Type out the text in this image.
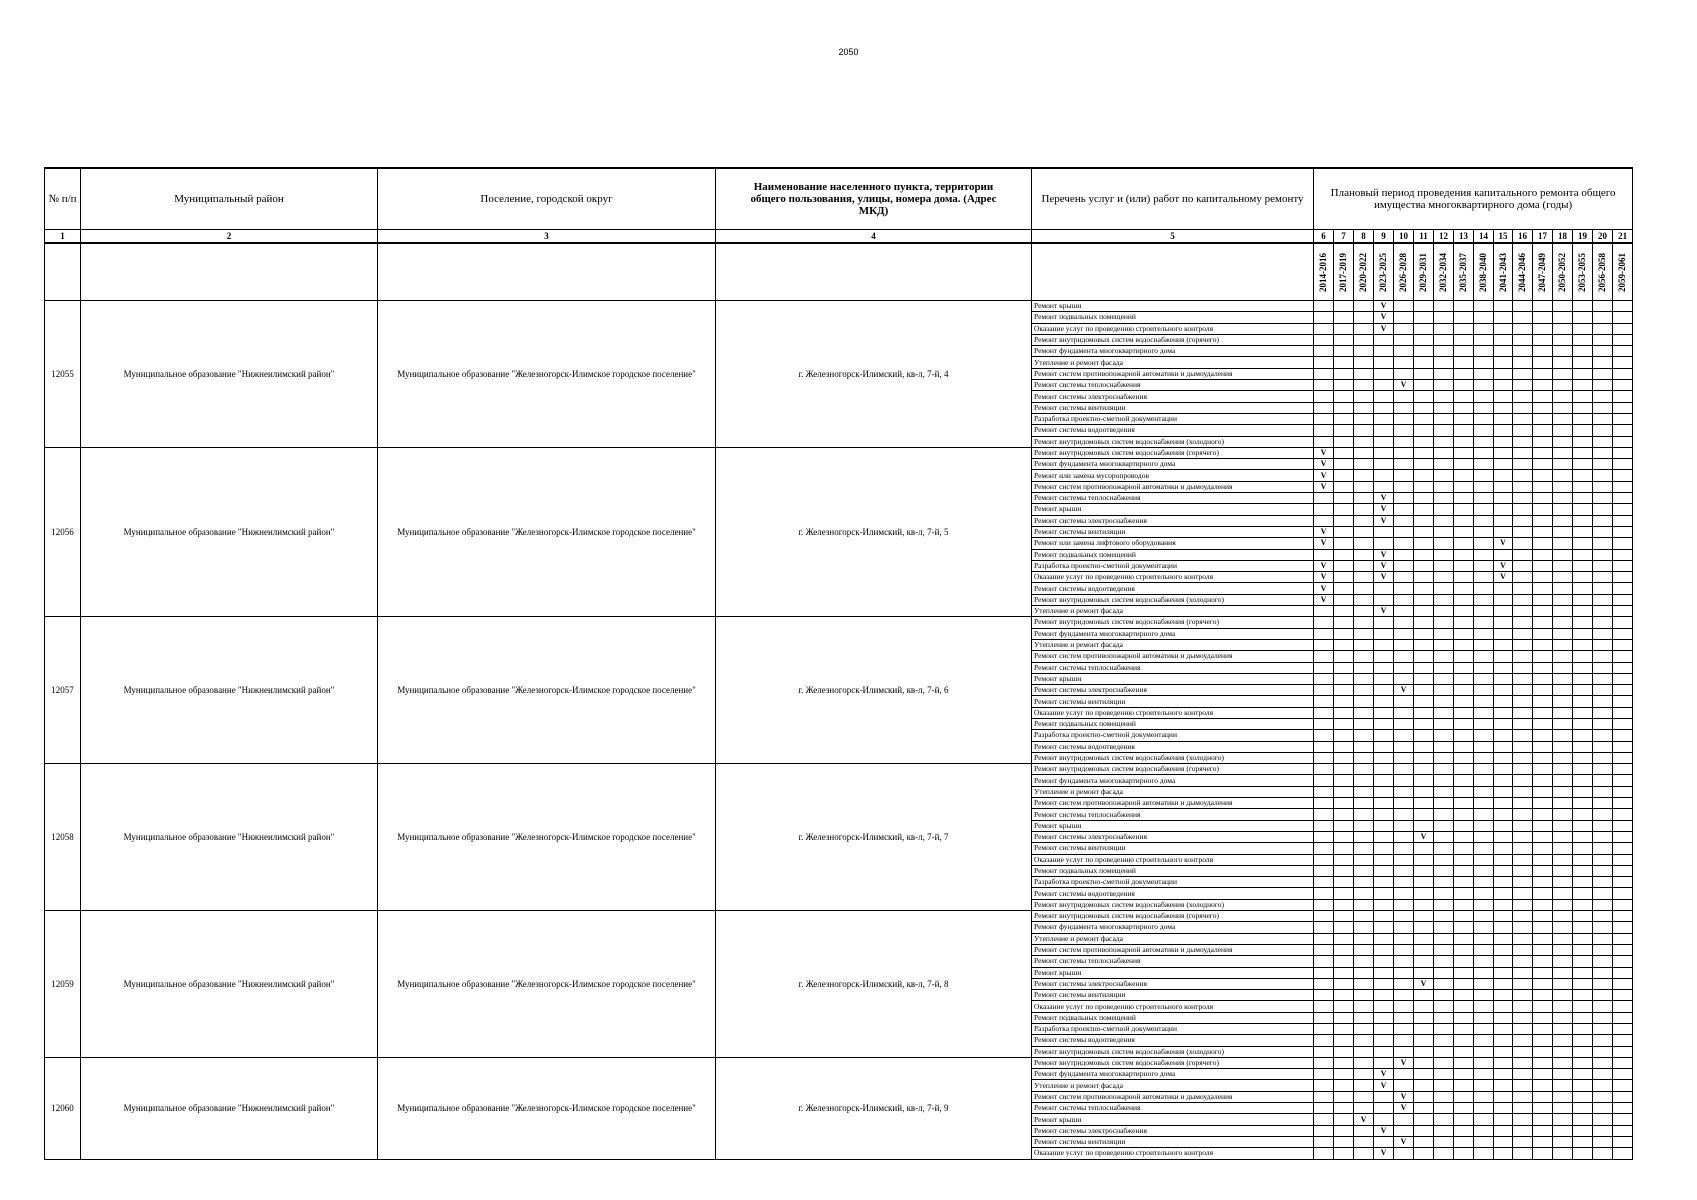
2050
№ п/п	Муниципальный район	Поселение, городской округ	Наименование населенного пункта, территории общего пользования, улицы, номера дома. (Адрес МКД)	Перечень услуг и (или) работ по капитальному ремонту	Плановый период проведения капитального ремонта общего имущества многоквартирного дома (годы)															
1	2	3	4	5	6	7	8	9	10	11	12	13	14	15	16	17	18	19	20	21

					2014-2016	2017-2019	2020-2022	2023-2025	2026-2028	2029-2031	2032-2034	2035-2037	2038-2040	2041-2043	2044-2046	2047-2049	2050-2052	2053-2055	2056-2058	2059-2061

12055	Муниципальное образование "Нижнеилимский район"	Муниципальное образование "Железногорск-Илимское городское поселение"	г. Железногорск-Илимский, кв-л, 7-й, 4	Ремонт крыши				V												
				Ремонт подвальных помещений				V												
				Оказание услуг по проведению строительного контроля				V												
				Ремонт внутридомовых систем водоснабжения (горячего)																
				Ремонт фундамента многоквартирного дома																
				Утепление и ремонт фасада																
				Ремонт систем противопожарной автоматики и дымоудаления																
				Ремонт системы теплоснабжения					V											
				Ремонт системы электроснабжения																
				Ремонт системы вентиляции																
				Разработка проектно-сметной документации																
				Ремонт системы водоотведения																
				Ремонт внутридомовых систем водоснабжения (холодного)																
12056	Муниципальное образование "Нижнеилимский район"	Муниципальное образование "Железногорск-Илимское городское поселение"	г. Железногорск-Илимский, кв-л, 7-й, 5	Ремонт внутридомовых систем водоснабжения (горячего)	V															
				Ремонт фундамента многоквартирного дома	V															
				Ремонт или замена мусоропроводов	V															
				Ремонт систем противопожарной автоматики и дымоудаления	V															
				Ремонт системы теплоснабжения				V												
				Ремонт крыши				V												
				Ремонт системы электроснабжения				V												
				Ремонт системы вентиляции	V															
				Ремонт или замена лифтового оборудования	V									V						
				Ремонт подвальных помещений				V												
				Разработка проектно-сметной документации	V			V						V						
				Оказание услуг по проведению строительного контроля	V			V						V						
				Ремонт системы водоотведения	V															
				Ремонт внутридомовых систем водоснабжения (холодного)	V															
				Утепление и ремонт фасада				V												
12057	Муниципальное образование "Нижнеилимский район"	Муниципальное образование "Железногорск-Илимское городское поселение"	г. Железногорск-Илимский, кв-л, 7-й, 6	Ремонт внутридомовых систем водоснабжения (горячего)																
				Ремонт фундамента многоквартирного дома																
				Утепление и ремонт фасада																
				Ремонт систем противопожарной автоматики и дымоудаления																
				Ремонт системы теплоснабжения																
				Ремонт крыши																
				Ремонт системы электроснабжения					V											
				Ремонт системы вентиляции																
				Оказание услуг по проведению строительного контроля																
				Ремонт подвальных помещений																
				Разработка проектно-сметной документации																
				Ремонт системы водоотведения																
				Ремонт внутридомовых систем водоснабжения (холодного)																
12058	Муниципальное образование "Нижнеилимский район"	Муниципальное образование "Железногорск-Илимское городское поселение"	г. Железногорск-Илимский, кв-л, 7-й, 7	Ремонт внутридомовых систем водоснабжения (горячего)																
				Ремонт фундамента многоквартирного дома																
				Утепление и ремонт фасада																
				Ремонт систем противопожарной автоматики и дымоудаления																
				Ремонт системы теплоснабжения																
				Ремонт крыши																
				Ремонт системы электроснабжения						V										
				Ремонт системы вентиляции																
				Оказание услуг по проведению строительного контроля																
				Ремонт подвальных помещений																
				Разработка проектно-сметной документации																
				Ремонт системы водоотведения																
				Ремонт внутридомовых систем водоснабжения (холодного)																
12059	Муниципальное образование "Нижнеилимский район"	Муниципальное образование "Железногорск-Илимское городское поселение"	г. Железногорск-Илимский, кв-л, 7-й, 8	Ремонт внутридомовых систем водоснабжения (горячего)																
				Ремонт фундамента многоквартирного дома																
				Утепление и ремонт фасада																
				Ремонт систем противопожарной автоматики и дымоудаления																
				Ремонт системы теплоснабжения																
				Ремонт крыши																
				Ремонт системы электроснабжения						V										
				Ремонт системы вентиляции																
				Оказание услуг по проведению строительного контроля																
				Ремонт подвальных помещений																
				Разработка проектно-сметной документации																
				Ремонт системы водоотведения																
				Ремонт внутридомовых систем водоснабжения (холодного)																
12060	Муниципальное образование "Нижнеилимский район"	Муниципальное образование "Железногорск-Илимское городское поселение"	г. Железногорск-Илимский, кв-л, 7-й, 9	Ремонт внутридомовых систем водоснабжения (горячего)					V											
				Ремонт фундамента многоквартирного дома				V												
				Утепление и ремонт фасада				V												
				Ремонт систем противопожарной автоматики и дымоудаления					V											
				Ремонт системы теплоснабжения					V											
				Ремонт крыши			V													
				Ремонт системы электроснабжения				V												
				Ремонт системы вентиляции					V											
				Оказание услуг по проведению строительного контроля				V												
